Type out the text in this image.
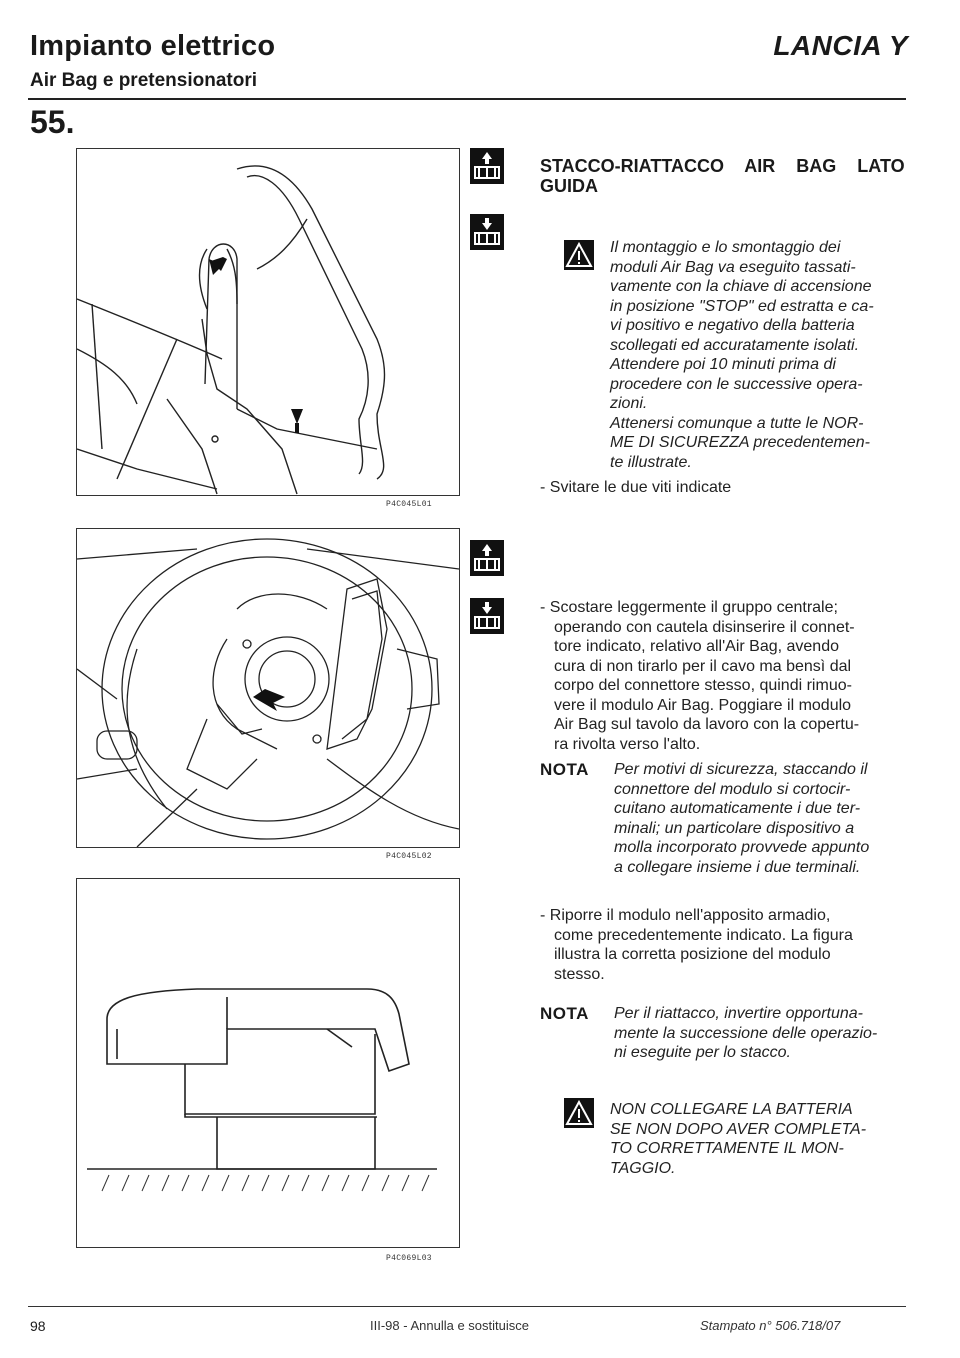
Impianto elettrico
Air Bag e pretensionatori
LANCIA Y
55.
P4C045L01
P4C045L02
P4C069L03
STACCO-RIATTACCO AIR BAG LATO GUIDA
Il montaggio e lo smontaggio dei
moduli Air Bag va eseguito tassati-
vamente con la chiave di accensione
in posizione "STOP" ed estratta e ca-
vi positivo e negativo della batteria
scollegati ed accuratamente isolati.
Attendere poi 10 minuti prima di
procedere con le successive opera-
zioni.
Attenersi comunque a tutte le NOR-
ME DI SICUREZZA precedentemen-
te illustrate.
- Svitare le due viti indicate
- Scostare leggermente il gruppo centrale;
operando con cautela disinserire il connet-
tore indicato, relativo all'Air Bag, avendo
cura di non tirarlo per il cavo ma bensì dal
corpo del connettore stesso, quindi rimuo-
vere il modulo Air Bag. Poggiare il modulo
Air Bag sul tavolo da lavoro con la copertu-
ra rivolta verso l'alto.
NOTA Per motivi di sicurezza, staccando il
connettore del modulo si cortocir-
cuitano automaticamente i due ter-
minali; un particolare dispositivo a
molla incorporato provvede appunto
a collegare insieme i due terminali.
- Riporre il modulo nell'apposito armadio,
come precedentemente indicato. La figura
illustra la corretta posizione del modulo
stesso.
NOTA Per il riattacco, invertire opportuna-
mente la successione delle operazio-
ni eseguite per lo stacco.
NON COLLEGARE LA BATTERIA
SE NON DOPO AVER COMPLETA-
TO CORRETTAMENTE IL MON-
TAGGIO.
98	III-98 - Annulla e sostituisce	Stampato n° 506.718/07
